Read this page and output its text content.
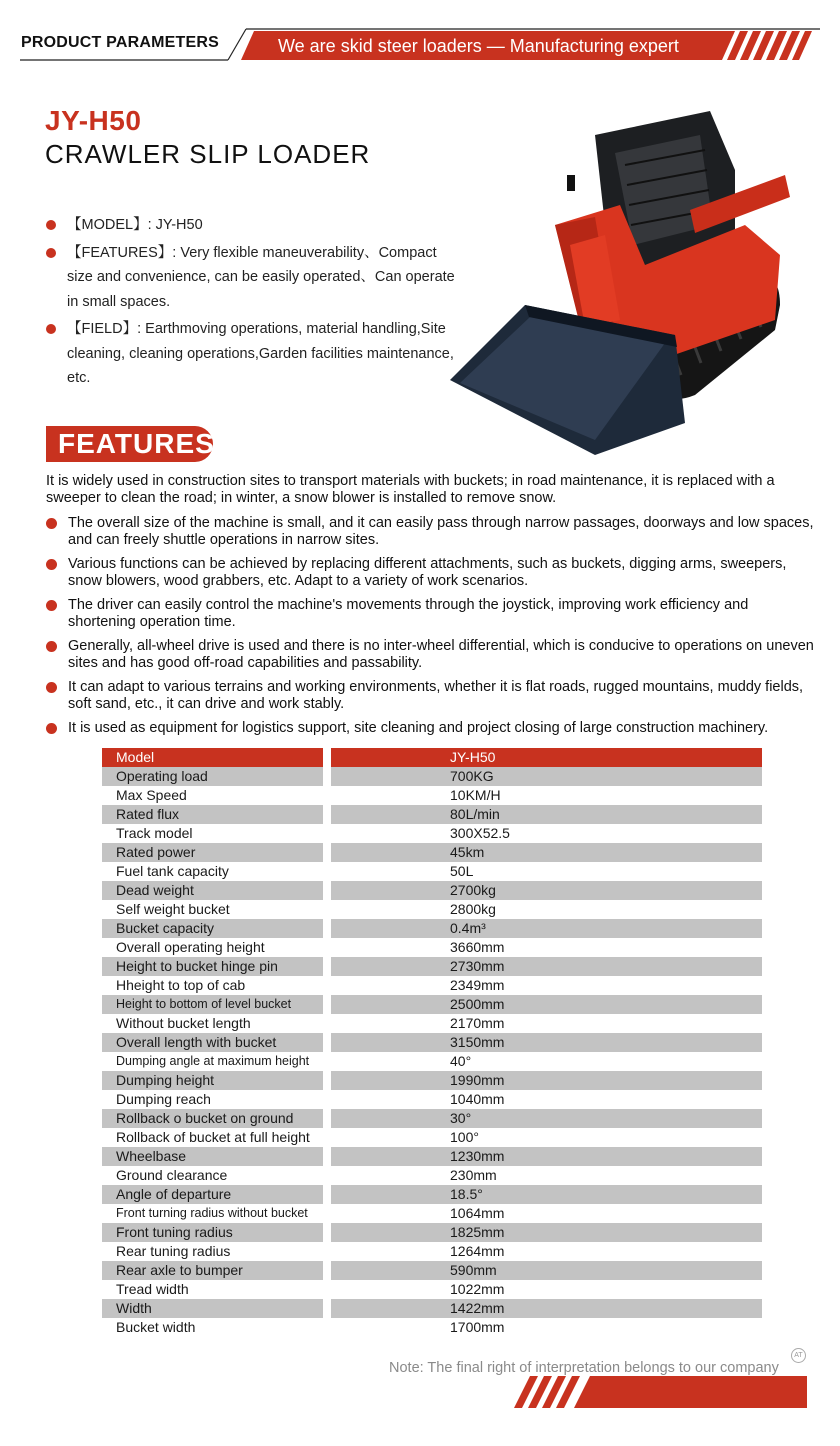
PRODUCT PARAMETERS	We are skid steer loaders — Manufacturing expert
JY-H50
CRAWLER SLIP LOADER
【MODEL】: JY-H50
【FEATURES】: Very flexible maneuverability、Compact size and convenience, can be easily operated、Can operate in small spaces.
【FIELD】: Earthmoving operations, material handling,Site cleaning, cleaning operations,Garden facilities maintenance, etc.
FEATURES
It is widely used in construction sites to transport materials with buckets; in road maintenance, it is replaced with a sweeper to clean the road; in winter, a snow blower is installed to remove snow.
The overall size of the machine is small, and it can easily pass through narrow passages, doorways and low spaces, and can freely shuttle operations in narrow sites.
Various functions can be achieved by replacing different attachments, such as buckets, digging arms, sweepers, snow blowers, wood grabbers, etc. Adapt to a variety of work scenarios.
The driver can easily control the machine's movements through the joystick, improving work efficiency and shortening operation time.
Generally, all-wheel drive is used and there is no inter-wheel differential, which is conducive to operations on uneven sites and has good off-road capabilities and passability.
It can adapt to various terrains and working environments, whether it is flat roads, rugged mountains, muddy fields, soft sand, etc., it can drive and work stably.
It is used as equipment for logistics support, site cleaning and project closing of large construction machinery.
Model	JY-H50
Operating load	700KG
Max Speed	10KM/H
Rated flux	80L/min
Track model	300X52.5
Rated power	45km
Fuel tank capacity	50L
Dead weight	2700kg
Self weight bucket	2800kg
Bucket capacity	0.4m³
Overall operating height	3660mm
Height to bucket hinge pin	2730mm
Hheight to top of cab	2349mm
Height to bottom of level bucket	2500mm
Without bucket length	2170mm
Overall length with bucket	3150mm
Dumping angle at maximum height	40°
Dumping height	1990mm
Dumping reach	1040mm
Rollback o bucket on ground	30°
Rollback of bucket at full height	100°
Wheelbase	1230mm
Ground clearance	230mm
Angle of departure	18.5°
Front turning radius without bucket	1064mm
Front tuning radius	1825mm
Rear tuning radius	1264mm
Rear axle to bumper	590mm
Tread width	1022mm
Width	1422mm
Bucket width	1700mm
AT
Note: The final right of interpretation belongs to our company
